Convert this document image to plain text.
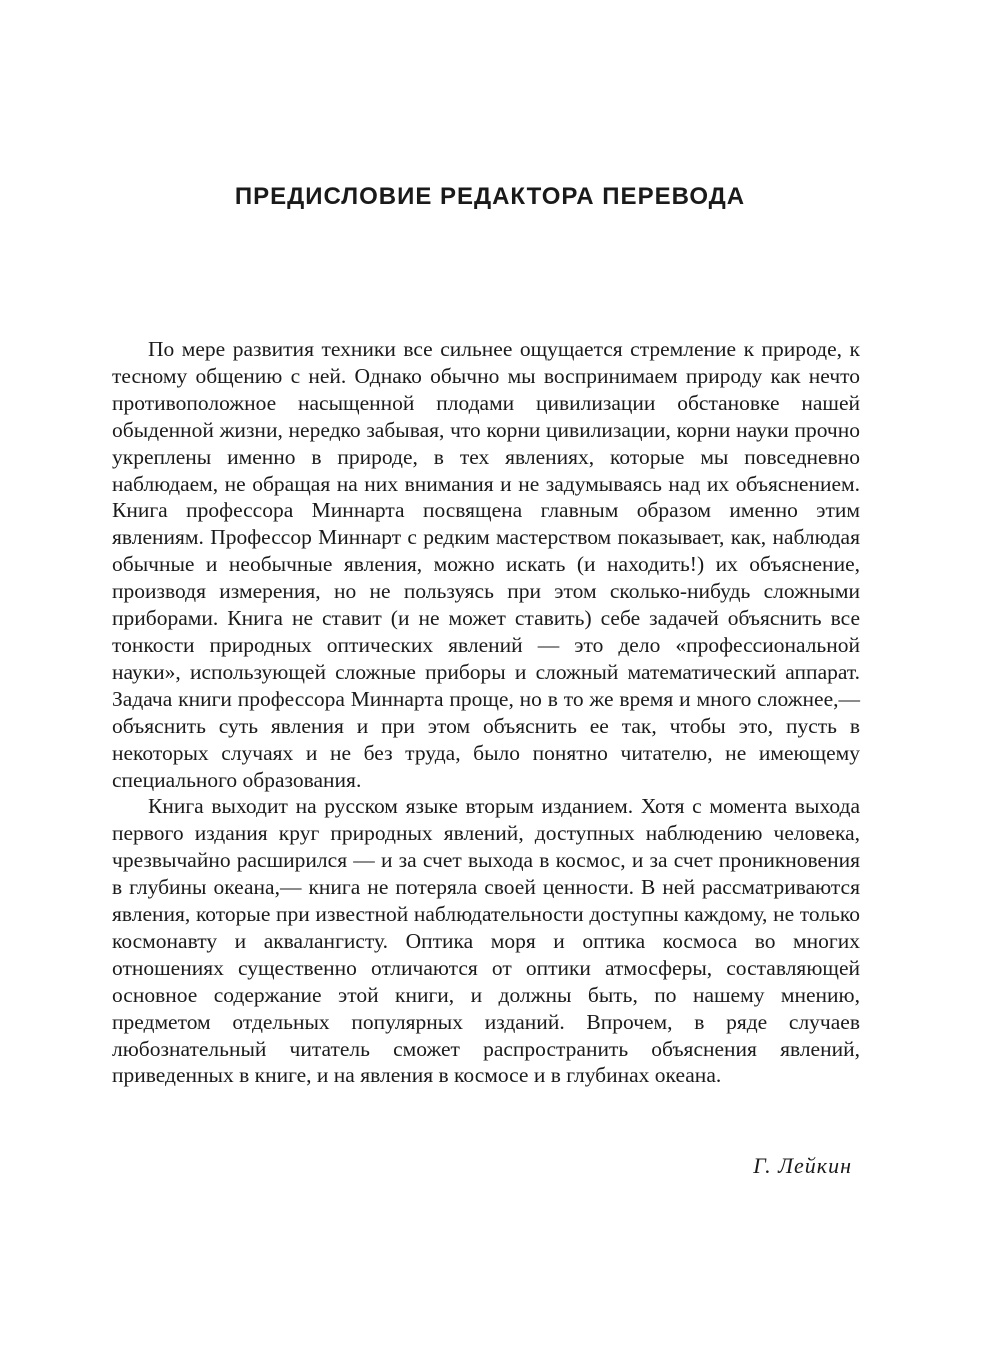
ПРЕДИСЛОВИЕ РЕДАКТОРА ПЕРЕВОДА

По мере развития техники все сильнее ощущается стремление к природе, к тесному общению с ней. Однако обычно мы воспринимаем природу как нечто противоположное насыщенной плодами цивилизации обстановке нашей обыденной жизни, нередко забывая, что корни цивилизации, корни науки прочно укреплены именно в природе, в тех явлениях, которые мы повседневно наблюдаем, не обращая на них внимания и не задумываясь над их объяснением. Книга профессора Миннарта посвящена главным образом именно этим явлениям. Профессор Миннарт с редким мастерством показывает, как, наблюдая обычные и необычные явления, можно искать (и находить!) их объяснение, производя измерения, но не пользуясь при этом сколько-нибудь сложными приборами. Книга не ставит (и не может ставить) себе задачей объяснить все тонкости природных оптических явлений — это дело «профессиональной науки», использующей сложные приборы и сложный математический аппарат. Задача книги профессора Миннарта проще, но в то же время и много сложнее,— объяснить суть явления и при этом объяснить ее так, чтобы это, пусть в некоторых случаях и не без труда, было понятно читателю, не имеющему специального образования.

Книга выходит на русском языке вторым изданием. Хотя с момента выхода первого издания круг природных явлений, доступных наблюдению человека, чрезвычайно расширился — и за счет выхода в космос, и за счет проникновения в глубины океана,— книга не потеряла своей ценности. В ней рассматриваются явления, которые при известной наблюдательности доступны каждому, не только космонавту и аквалангисту. Оптика моря и оптика космоса во многих отношениях существенно отличаются от оптики атмосферы, составляющей основное содержание этой книги, и должны быть, по нашему мнению, предметом отдельных популярных изданий. Впрочем, в ряде случаев любознательный читатель сможет распространить объяснения явлений, приведенных в книге, и на явления в космосе и в глубинах океана.

Г. Лейкин
